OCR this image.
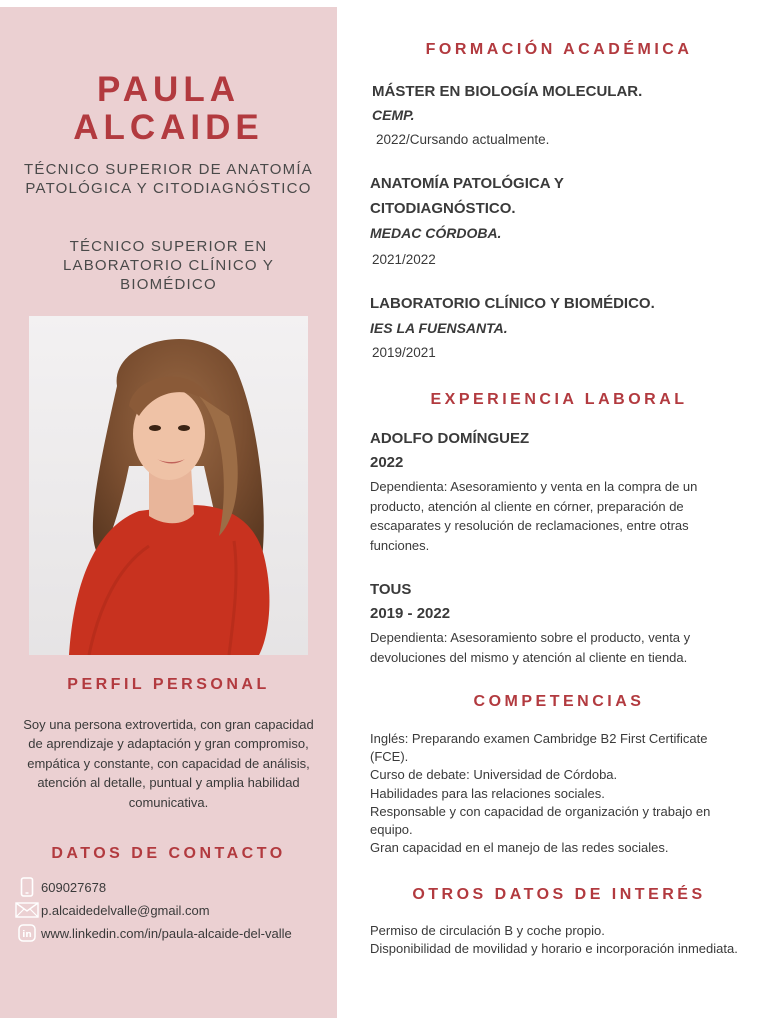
PAULA
ALCAIDE
TÉCNICO SUPERIOR DE ANATOMÍA PATOLÓGICA Y CITODIAGNÓSTICO
TÉCNICO SUPERIOR EN LABORATORIO CLÍNICO Y BIOMÉDICO
PERFIL PERSONAL
Soy una persona extrovertida, con gran capacidad de aprendizaje y adaptación y gran compromiso, empática y constante, con capacidad de análisis, atención al detalle, puntual y amplia habilidad comunicativa.
DATOS DE CONTACTO
609027678
p.alcaidedelvalle@gmail.com
in www.linkedin.com/in/paula-alcaide-del-valle
FORMACIÓN ACADÉMICA
MÁSTER EN BIOLOGÍA MOLECULAR.
CEMP.
2022/Cursando actualmente.
ANATOMÍA PATOLÓGICA Y
CITODIAGNÓSTICO.
MEDAC CÓRDOBA.
2021/2022
LABORATORIO CLÍNICO Y BIOMÉDICO.
IES LA FUENSANTA.
2019/2021
EXPERIENCIA LABORAL
ADOLFO DOMÍNGUEZ
2022
Dependienta: Asesoramiento y venta en la compra de un producto, atención al cliente en córner, preparación de escaparates y resolución de reclamaciones, entre otras funciones.
TOUS
2019 - 2022
Dependienta: Asesoramiento sobre el producto, venta y devoluciones del mismo y atención al cliente en tienda.
COMPETENCIAS
Inglés: Preparando examen Cambridge B2 First Certificate (FCE).
Curso de debate: Universidad de Córdoba.
Habilidades para las relaciones sociales.
Responsable y con capacidad de organización y trabajo en equipo.
Gran capacidad en el manejo de las redes sociales.
OTROS DATOS DE INTERÉS
Permiso de circulación B y coche propio.
Disponibilidad de movilidad y horario e incorporación inmediata.
